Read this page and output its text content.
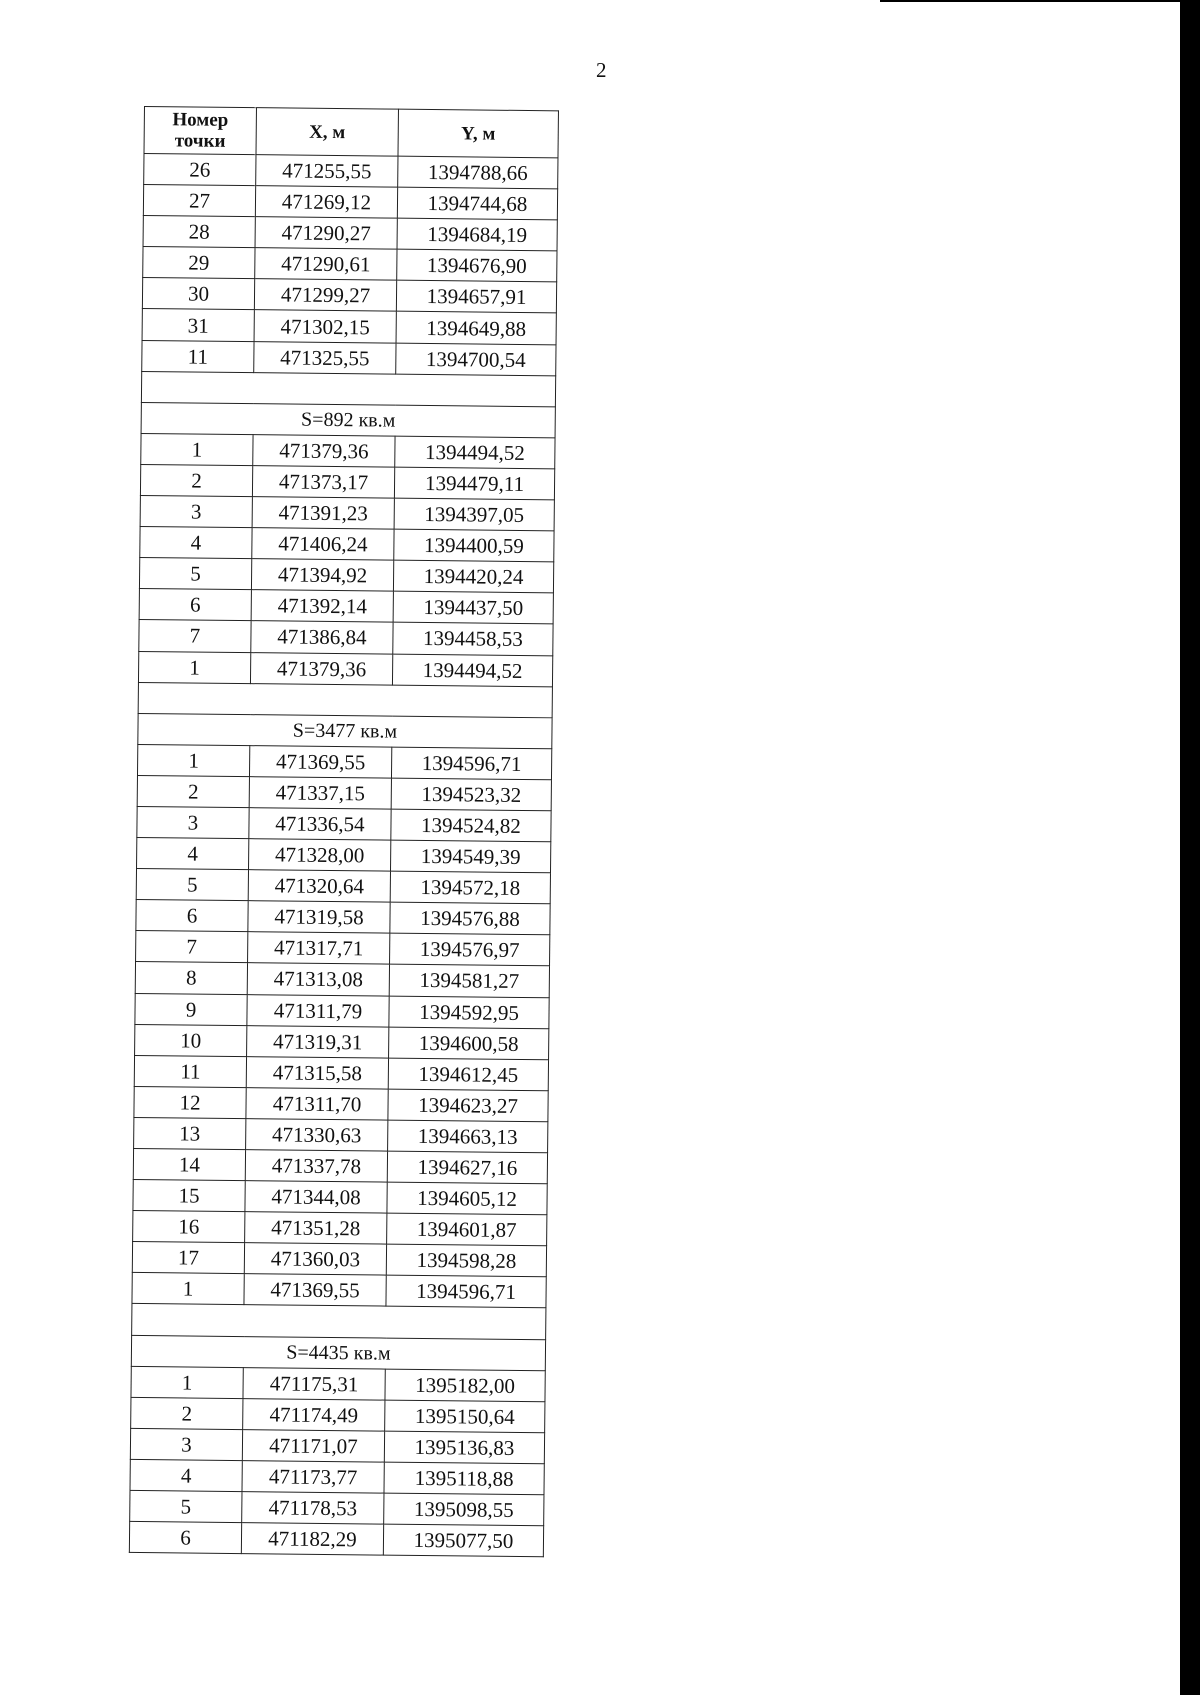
2
Номер
точки	X, м	Y, м
26	471255,55	1394788,66
27	471269,12	1394744,68
28	471290,27	1394684,19
29	471290,61	1394676,90
30	471299,27	1394657,91
31	471302,15	1394649,88
11	471325,55	1394700,54

S=892 кв.м		
1	471379,36	1394494,52
2	471373,17	1394479,11
3	471391,23	1394397,05
4	471406,24	1394400,59
5	471394,92	1394420,24
6	471392,14	1394437,50
7	471386,84	1394458,53
1	471379,36	1394494,52

S=3477 кв.м		
1	471369,55	1394596,71
2	471337,15	1394523,32
3	471336,54	1394524,82
4	471328,00	1394549,39
5	471320,64	1394572,18
6	471319,58	1394576,88
7	471317,71	1394576,97
8	471313,08	1394581,27
9	471311,79	1394592,95
10	471319,31	1394600,58
11	471315,58	1394612,45
12	471311,70	1394623,27
13	471330,63	1394663,13
14	471337,78	1394627,16
15	471344,08	1394605,12
16	471351,28	1394601,87
17	471360,03	1394598,28
1	471369,55	1394596,71

S=4435 кв.м		
1	471175,31	1395182,00
2	471174,49	1395150,64
3	471171,07	1395136,83
4	471173,77	1395118,88
5	471178,53	1395098,55
6	471182,29	1395077,50
